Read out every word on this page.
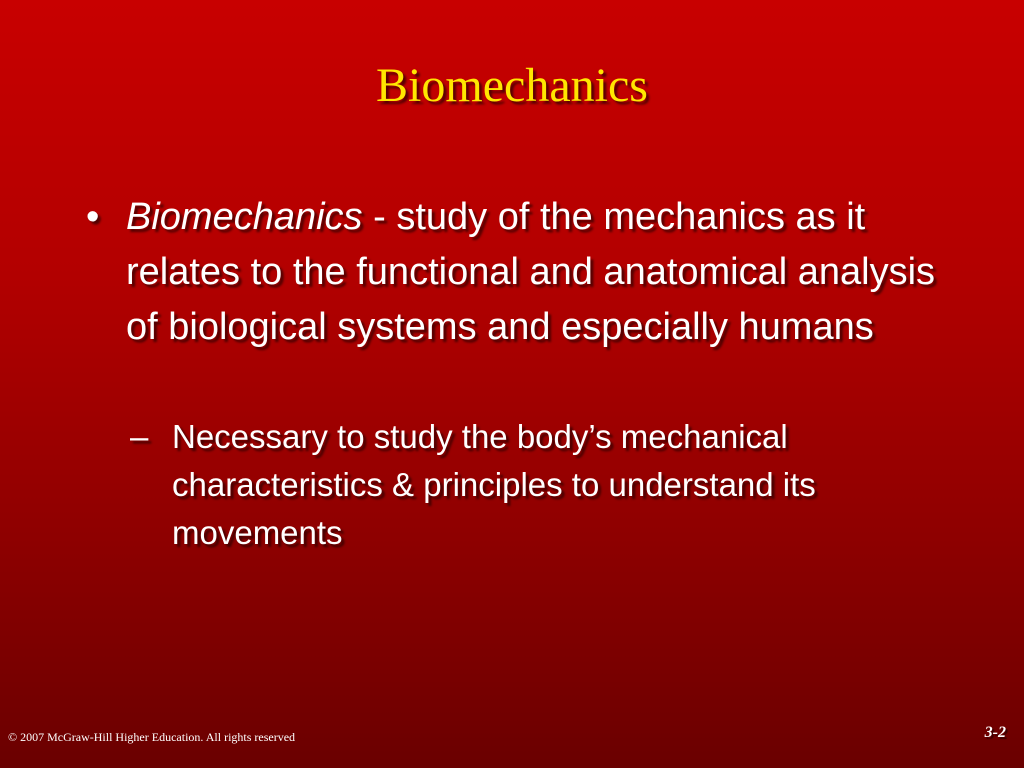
Biomechanics
• Biomechanics - study of the mechanics as it relates to the functional and anatomical analysis of biological systems and especially humans
– Necessary to study the body’s mechanical characteristics & principles to understand its movements
© 2007 McGraw-Hill Higher Education. All rights reserved	3-2
